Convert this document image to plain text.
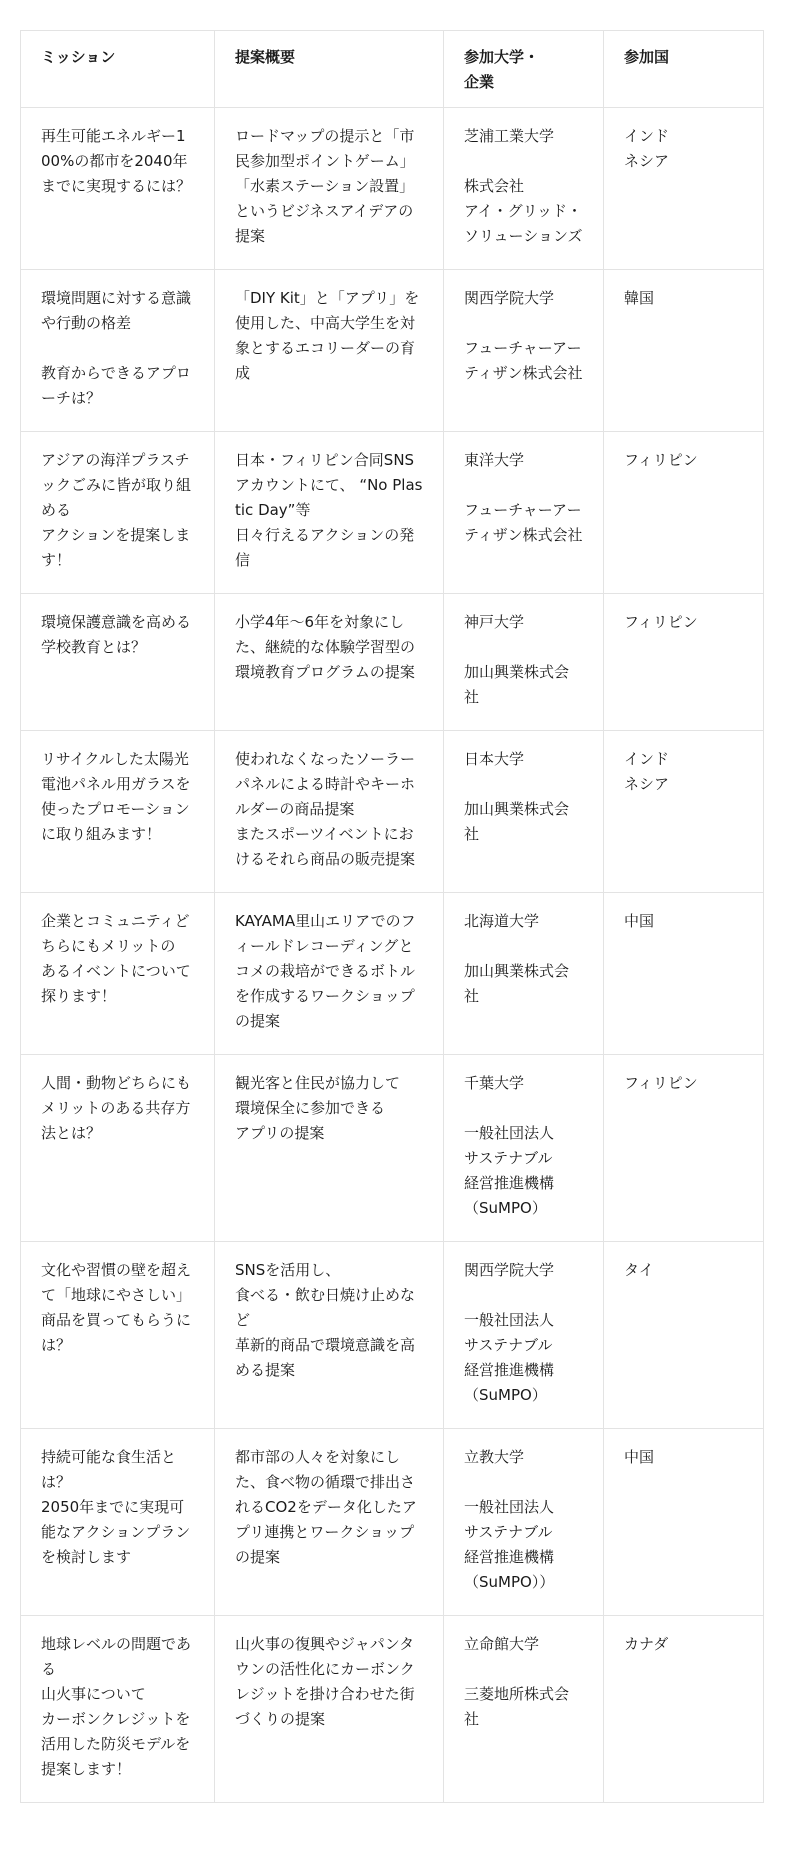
ミッション	提案概要	参加大学・
企業	参加国

再生可能エネルギー100%の都市を2040年
までに実現するには？	ロードマップの提示と「市民参加型ポイントゲーム」「水素ステーション設置」というビジネスアイデアの提案	芝浦工業大学
株式会社
アイ・グリッド・ソリューションズ	インド
ネシア

環境問題に対する意識や行動の格差
教育からできるアプローチは？	「DIY Kit」と「アプリ」を
使用した、中高大学生を対象とするエコリーダーの育成	関西学院大学
フューチャーアーティザン株式会社	韓国

アジアの海洋プラスチックごみに皆が取り組める
アクションを提案します！	日本・フィリピン合同SNSアカウントにて、 “No Plastic Day”等
日々行えるアクションの発信	東洋大学
フューチャーアーティザン株式会社	フィリピン

環境保護意識を高める
学校教育とは？	小学4年〜6年を対象にした、継続的な体験学習型の環境教育プログラムの提案	神戸大学
加山興業株式会社	フィリピン

リサイクルした太陽光電池パネル用ガラスを使ったプロモーションに取り組みます！	使われなくなったソーラーパネルによる時計やキーホルダーの商品提案
またスポーツイベントにおけるそれら商品の販売提案	日本大学
加山興業株式会社	インド
ネシア

企業とコミュニティどちらにもメリットの
あるイベントについて
探ります！	KAYAMA里山エリアでのフィールドレコーディングとコメの栽培ができるボトルを作成するワークショップの提案	北海道大学
加山興業株式会社	中国

人間・動物どちらにも
メリットのある共存方法とは？	観光客と住民が協力して
環境保全に参加できる
アプリの提案	千葉大学
一般社団法人
サステナブル
経営推進機構
（SuMPO）	フィリピン

文化や習慣の壁を超えて「地球にやさしい」商品を買ってもらうには？	SNSを活用し、
食べる・飲む日焼け止めなど
革新的商品で環境意識を高める提案	関西学院大学
一般社団法人
サステナブル
経営推進機構
（SuMPO）	タイ

持続可能な食生活とは？
2050年までに実現可能なアクションプランを検討します	都市部の人々を対象にした、食べ物の循環で排出されるCO2をデータ化したアプリ連携とワークショップの提案	立教大学
一般社団法人
サステナブル
経営推進機構
（SuMPO））	中国

地球レベルの問題である
山火事について
カーボンクレジットを
活用した防災モデルを提案します！	山火事の復興やジャパンタウンの活性化にカーボンクレジットを掛け合わせた街づくりの提案	立命館大学
三菱地所株式会社	カナダ
